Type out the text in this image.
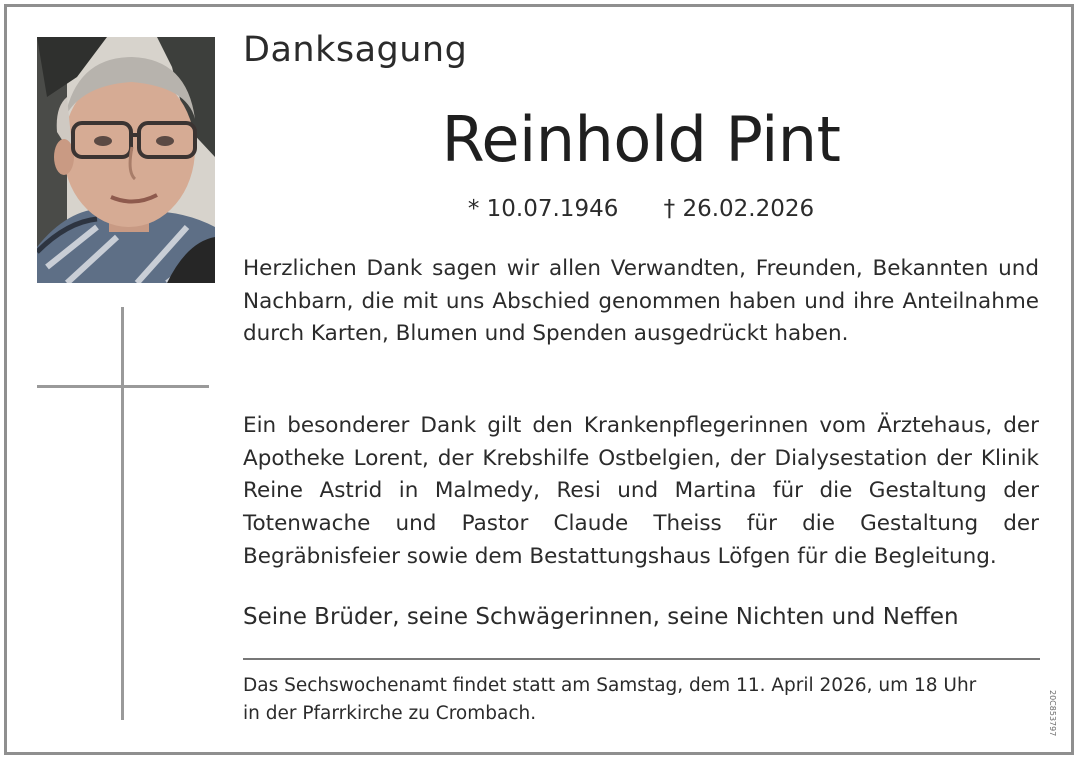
Danksagung
Reinhold Pint
* 10.07.1946 † 26.02.2026
Herzlichen Dank sagen wir allen Verwandten, Freunden, Bekannten und Nachbarn, die mit uns Abschied genommen haben und ihre Anteilnahme durch Karten, Blumen und Spenden ausgedrückt haben.
Ein besonderer Dank gilt den Krankenpflegerinnen vom Ärztehaus, der Apotheke Lorent, der Krebshilfe Ostbelgien, der Dialysestation der Klinik Reine Astrid in Malmedy, Resi und Martina für die Gestaltung der Totenwache und Pastor Claude Theiss für die Gestaltung der Begräbnisfeier sowie dem Bestattungshaus Löfgen für die Begleitung.
Seine Brüder, seine Schwägerinnen, seine Nichten und Neffen
Das Sechswochenamt findet statt am Samstag, dem 11. April 2026, um 18 Uhr
in der Pfarrkirche zu Crombach.	20C853797
